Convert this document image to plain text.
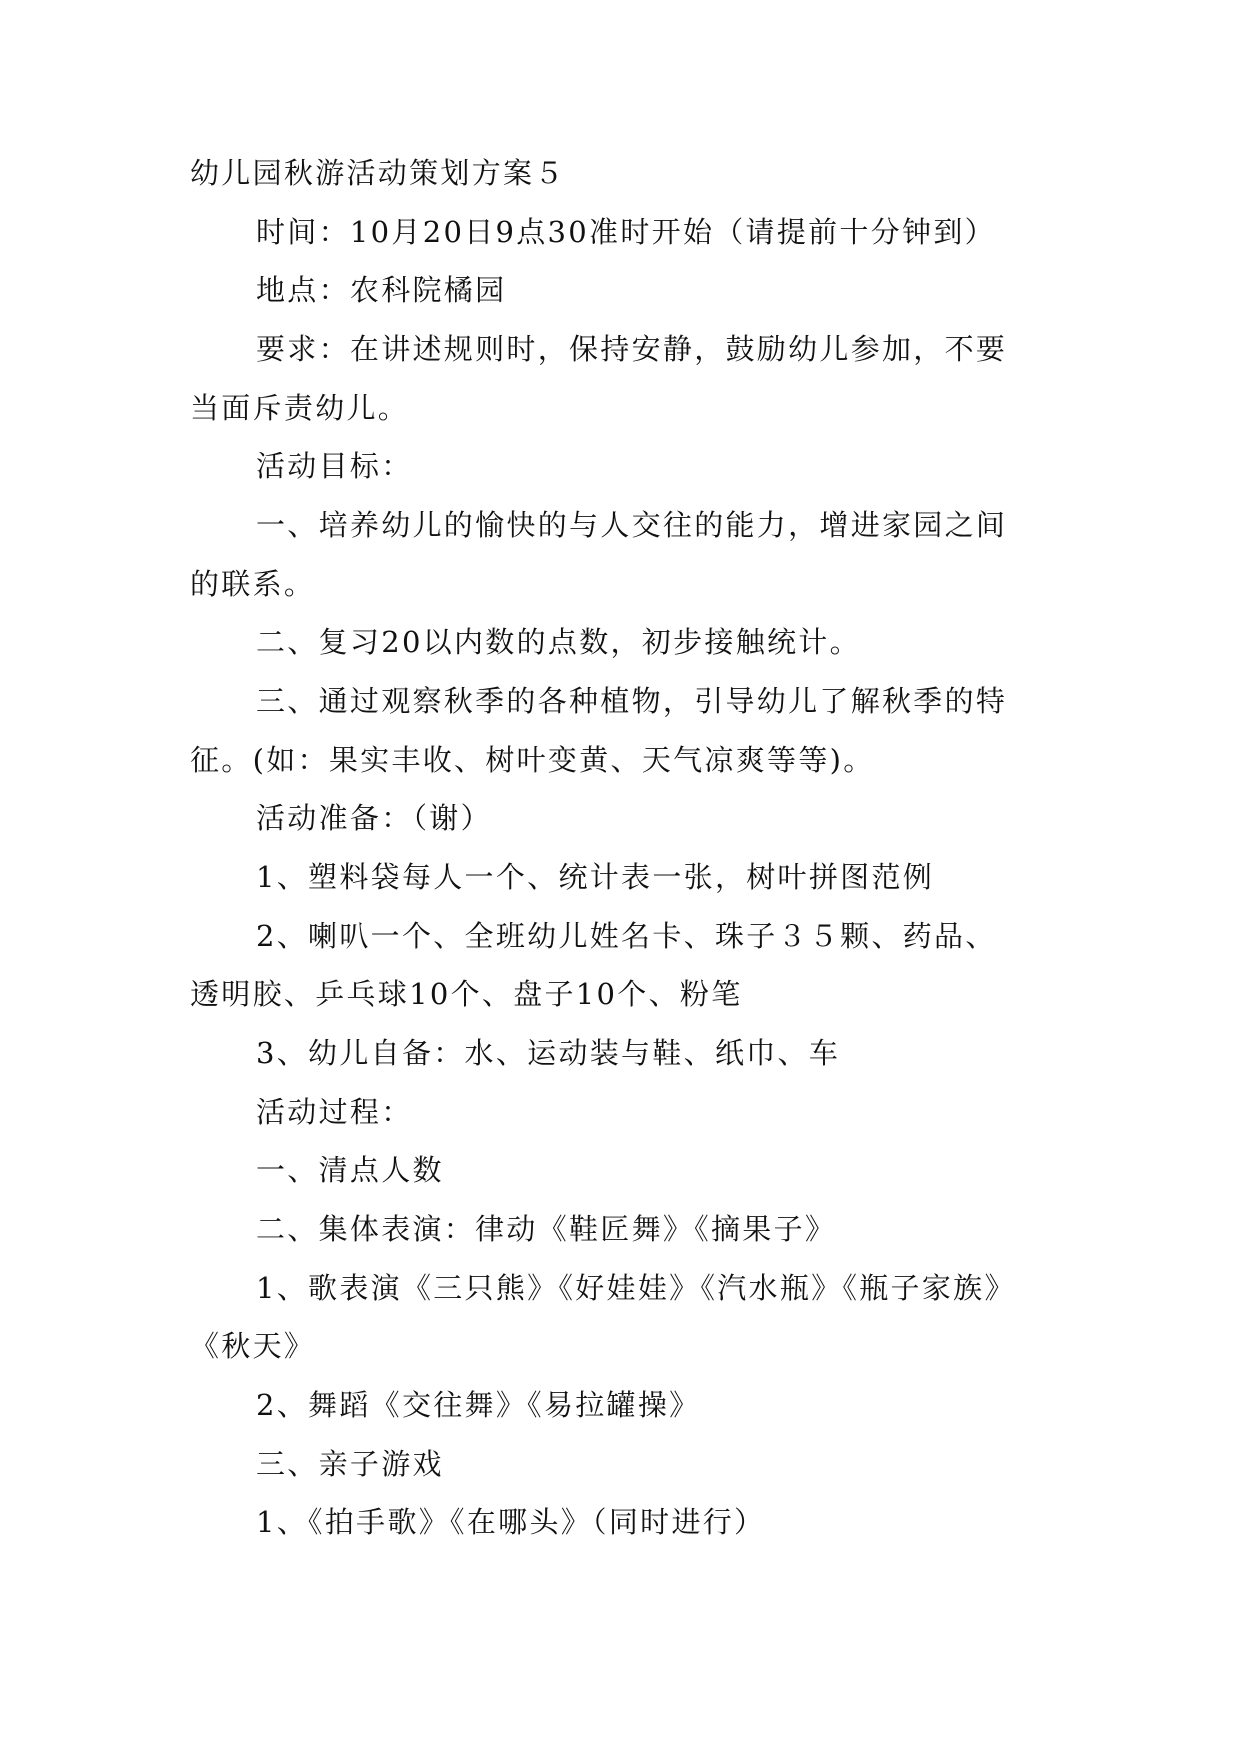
幼儿园秋游活动策划方案５
时间：10月20日9点30准时开始（请提前十分钟到）
地点：农科院橘园
要求：在讲述规则时，保持安静，鼓励幼儿参加，不要
当面斥责幼儿。
活动目标：
一、培养幼儿的愉快的与人交往的能力，增进家园之间
的联系。
二、复习20以内数的点数，初步接触统计。
三、通过观察秋季的各种植物，引导幼儿了解秋季的特
征。(如：果实丰收、树叶变黄、天气凉爽等等)。
活动准备：（谢）
1、塑料袋每人一个、统计表一张，树叶拼图范例
2、喇叭一个、全班幼儿姓名卡、珠子３５颗、药品、
透明胶、乒乓球10个、盘子10个、粉笔
3、幼儿自备：水、运动装与鞋、纸巾、车
活动过程：
一、清点人数
二、集体表演：律动《鞋匠舞》《摘果子》
1、歌表演《三只熊》《好娃娃》《汽水瓶》《瓶子家族》
《秋天》
2、舞蹈《交往舞》《易拉罐操》
三、亲子游戏
1、《拍手歌》《在哪头》（同时进行）
